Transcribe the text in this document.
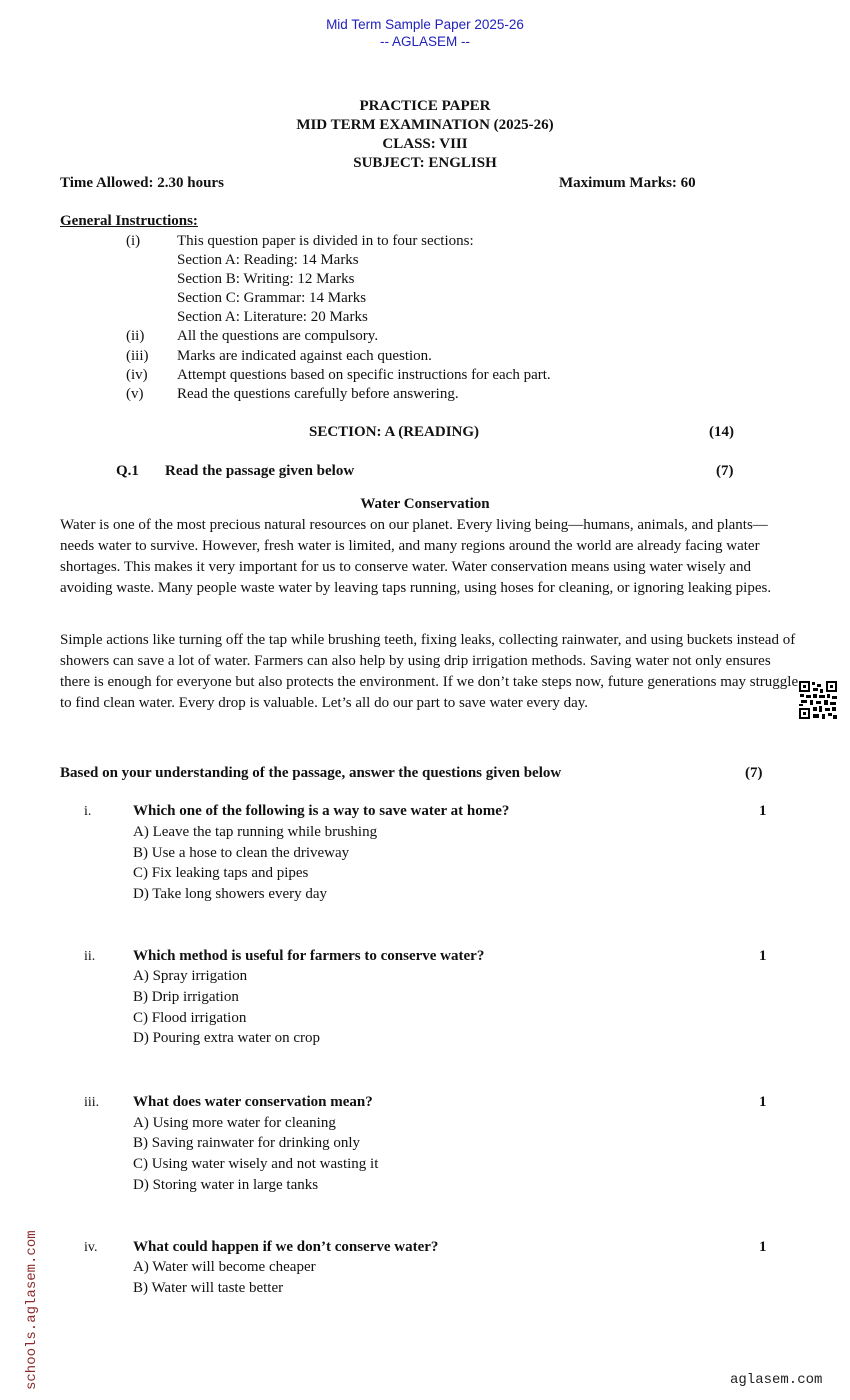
Mid Term Sample Paper 2025-26
-- AGLASEM --
PRACTICE PAPER
MID TERM EXAMINATION (2025-26)
CLASS: VIII
SUBJECT: ENGLISH
Time Allowed: 2.30 hours	Maximum Marks: 60
General Instructions:
(i) This question paper is divided in to four sections:
Section A: Reading: 14 Marks
Section B: Writing: 12 Marks
Section C: Grammar: 14 Marks
Section A: Literature: 20 Marks
(ii) All the questions are compulsory.
(iii) Marks are indicated against each question.
(iv) Attempt questions based on specific instructions for each part.
(v) Read the questions carefully before answering.
SECTION: A (READING)	(14)
Q.1 Read the passage given below	(7)
Water Conservation
Water is one of the most precious natural resources on our planet. Every living being—humans, animals, and plants—needs water to survive. However, fresh water is limited, and many regions around the world are already facing water shortages. This makes it very important for us to conserve water. Water conservation means using water wisely and avoiding waste. Many people waste water by leaving taps running, using hoses for cleaning, or ignoring leaking pipes.
Simple actions like turning off the tap while brushing teeth, fixing leaks, collecting rainwater, and using buckets instead of showers can save a lot of water. Farmers can also help by using drip irrigation methods. Saving water not only ensures there is enough for everyone but also protects the environment. If we don’t take steps now, future generations may struggle to find clean water. Every drop is valuable. Let’s all do our part to save water every day.
Based on your understanding of the passage, answer the questions given below	(7)
i.	Which one of the following is a way to save water at home?	1
A) Leave the tap running while brushing
B) Use a hose to clean the driveway
C) Fix leaking taps and pipes
D) Take long showers every day
ii.	Which method is useful for farmers to conserve water?	1
A) Spray irrigation
B) Drip irrigation
C) Flood irrigation
D) Pouring extra water on crop
iii. What does water conservation mean?	1
A) Using more water for cleaning
B) Saving rainwater for drinking only
C) Using water wisely and not wasting it
D) Storing water in large tanks
iv. What could happen if we don’t conserve water?	1
A) Water will become cheaper
B) Water will taste better
schools.aglasem.com	aglasem.com
